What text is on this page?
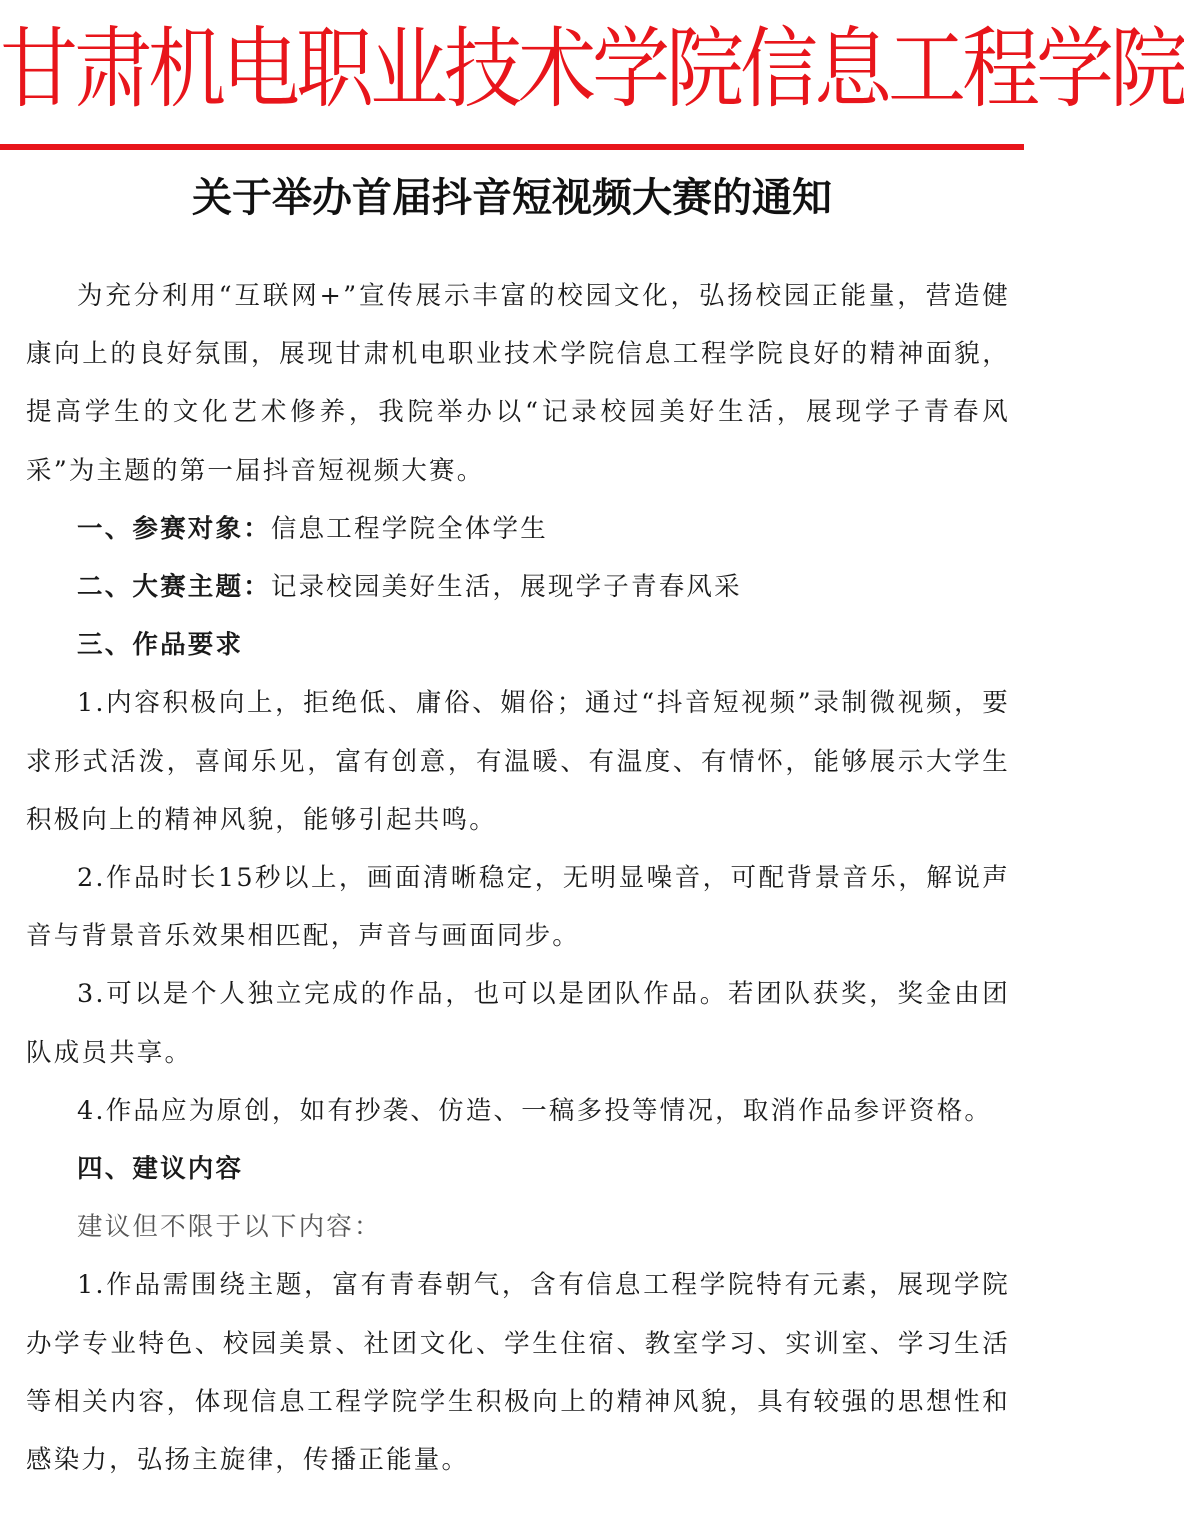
甘肃机电职业技术学院信息工程学院
关于举办首届抖音短视频大赛的通知

为充分利用“互联网+”宣传展示丰富的校园文化，弘扬校园正能量，营造健康向上的良好氛围，展现甘肃机电职业技术学院信息工程学院良好的精神面貌，提高学生的文化艺术修养，我院举办以“记录校园美好生活，展现学子青春风采”为主题的第一届抖音短视频大赛。

一、参赛对象：信息工程学院全体学生

二、大赛主题：记录校园美好生活，展现学子青春风采

三、作品要求

1.内容积极向上，拒绝低、庸俗、媚俗；通过“抖音短视频”录制微视频，要求形式活泼，喜闻乐见，富有创意，有温暖、有温度、有情怀，能够展示大学生积极向上的精神风貌，能够引起共鸣。

2.作品时长15秒以上，画面清晰稳定，无明显噪音，可配背景音乐，解说声音与背景音乐效果相匹配，声音与画面同步。

3.可以是个人独立完成的作品，也可以是团队作品。若团队获奖，奖金由团队成员共享。

4.作品应为原创，如有抄袭、仿造、一稿多投等情况，取消作品参评资格。

四、建议内容

建议但不限于以下内容：

1.作品需围绕主题，富有青春朝气，含有信息工程学院特有元素，展现学院办学专业特色、校园美景、社团文化、学生住宿、教室学习、实训室、学习生活等相关内容，体现信息工程学院学生积极向上的精神风貌，具有较强的思想性和感染力，弘扬主旋律，传播正能量。
